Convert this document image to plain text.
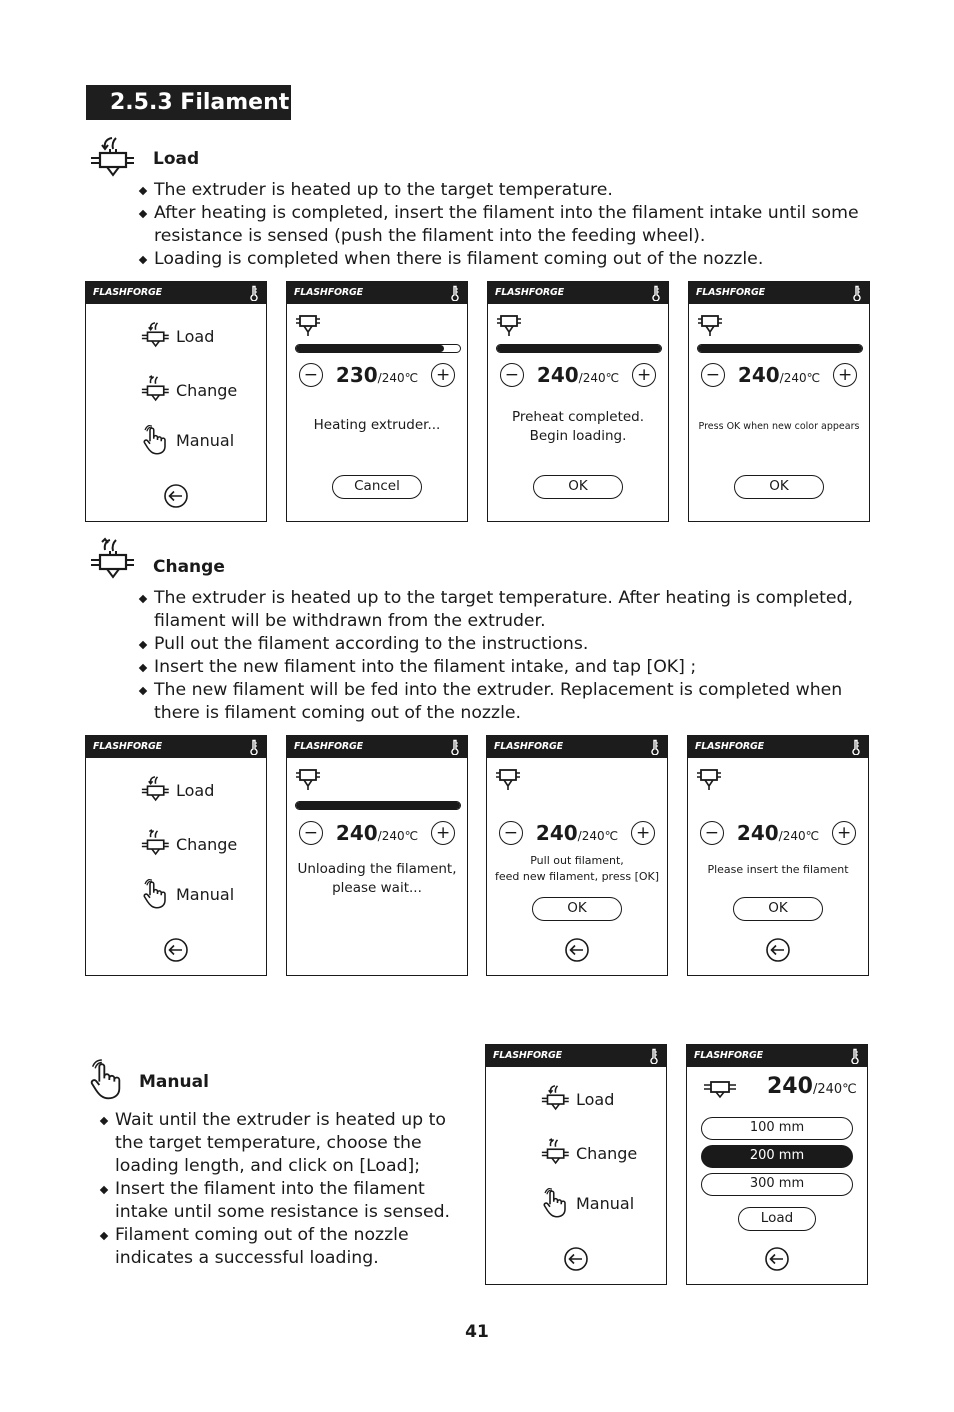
2.5.3 Filament
Load
The extruder is heated up to the target temperature.
After heating is completed, insert the filament into the filament intake until some resistance is sensed (push the filament into the feeding wheel).
Loading is completed when there is filament coming out of the nozzle.
FLASHFORGE
Load
Change
Manual
FLASHFORGE
− 230 /240℃ +
Heating extruder...
Cancel
FLASHFORGE
− 240 /240℃ +
Preheat completed.
Begin loading.
OK
FLASHFORGE
− 240 /240℃ +
Press OK when new color appears
OK
Change
The extruder is heated up to the target temperature. After heating is completed, filament will be withdrawn from the extruder.
Pull out the filament according to the instructions.
Insert the new filament into the filament intake, and tap [OK] ;
The new filament will be fed into the extruder. Replacement is completed when there is filament coming out of the nozzle.
FLASHFORGE
Load
Change
Manual
FLASHFORGE
− 240 /240℃ +
Unloading the filament,
please wait...
FLASHFORGE
− 240 /240℃ +
Pull out filament,
feed new filament, press [OK]
OK
FLASHFORGE
− 240 /240℃ +
Please insert the filament
OK
Manual
Wait until the extruder is heated up to the target temperature, choose the loading length, and click on [Load];
Insert the filament into the filament intake until some resistance is sensed.
Filament coming out of the nozzle indicates a successful loading.
FLASHFORGE
Load
Change
Manual
FLASHFORGE
240 /240℃
100 mm
200 mm
300 mm
Load
41
